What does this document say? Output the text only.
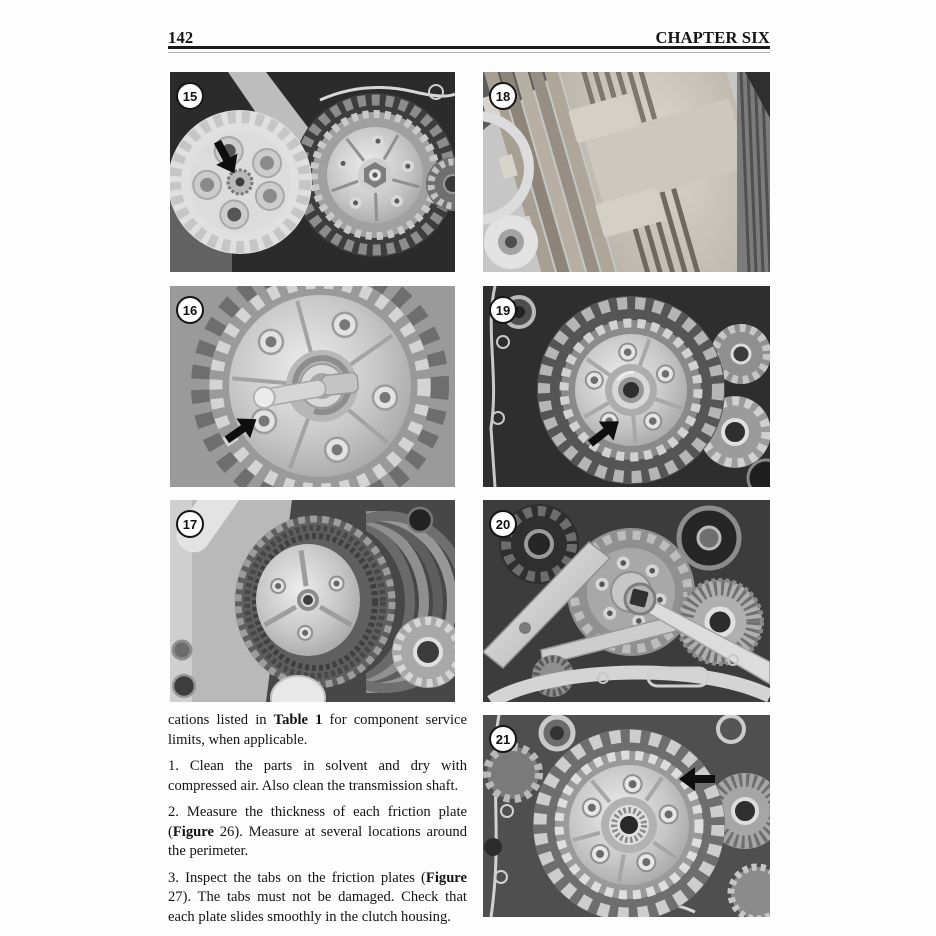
142	CHAPTER SIX
15	18
16	19
17	20
21

cations listed in Table 1 for component service limits, when applicable.

1. Clean the parts in solvent and dry with compressed air. Also clean the transmission shaft.

2. Measure the thickness of each friction plate (Figure 26). Measure at several locations around the perimeter.

3. Inspect the tabs on the friction plates (Figure 27). The tabs must not be damaged. Check that each plate slides smoothly in the clutch housing.
